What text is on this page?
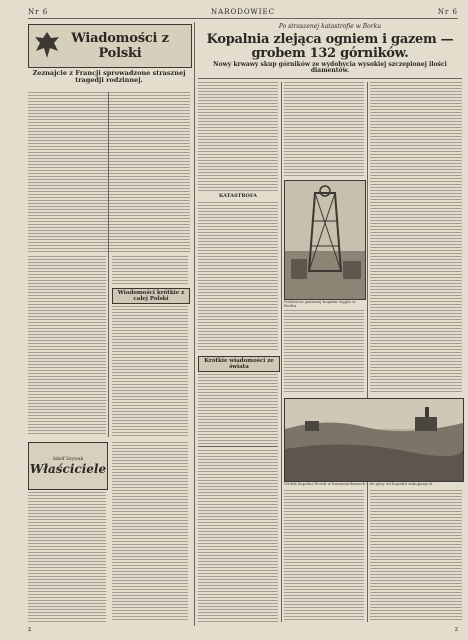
Nr 6	NARODOWIEC	Nr 6
Wiadomości z Polski
Zeznajcie z Francji sprowadzone strasznej tragedji rodzinnej.
Wiadomości krótkie z całej Polski
Adolf Szywak
Właściciele
Po straszenej katastrofie w Borku
Kopalnia zlejąca ogniem i gazem — grobem 132 górników.
Nowy krwawy skup górników ze wydobycia wysokiej szczepionej ilości diamentów.
KATASTROFA
Podwórze gminnej kopalni węgla w Borku
Krótkie wiadomości ze świata
Widok kopalni Borek w kamieniołomach i do góry od kopalni zakopanych
z	z
